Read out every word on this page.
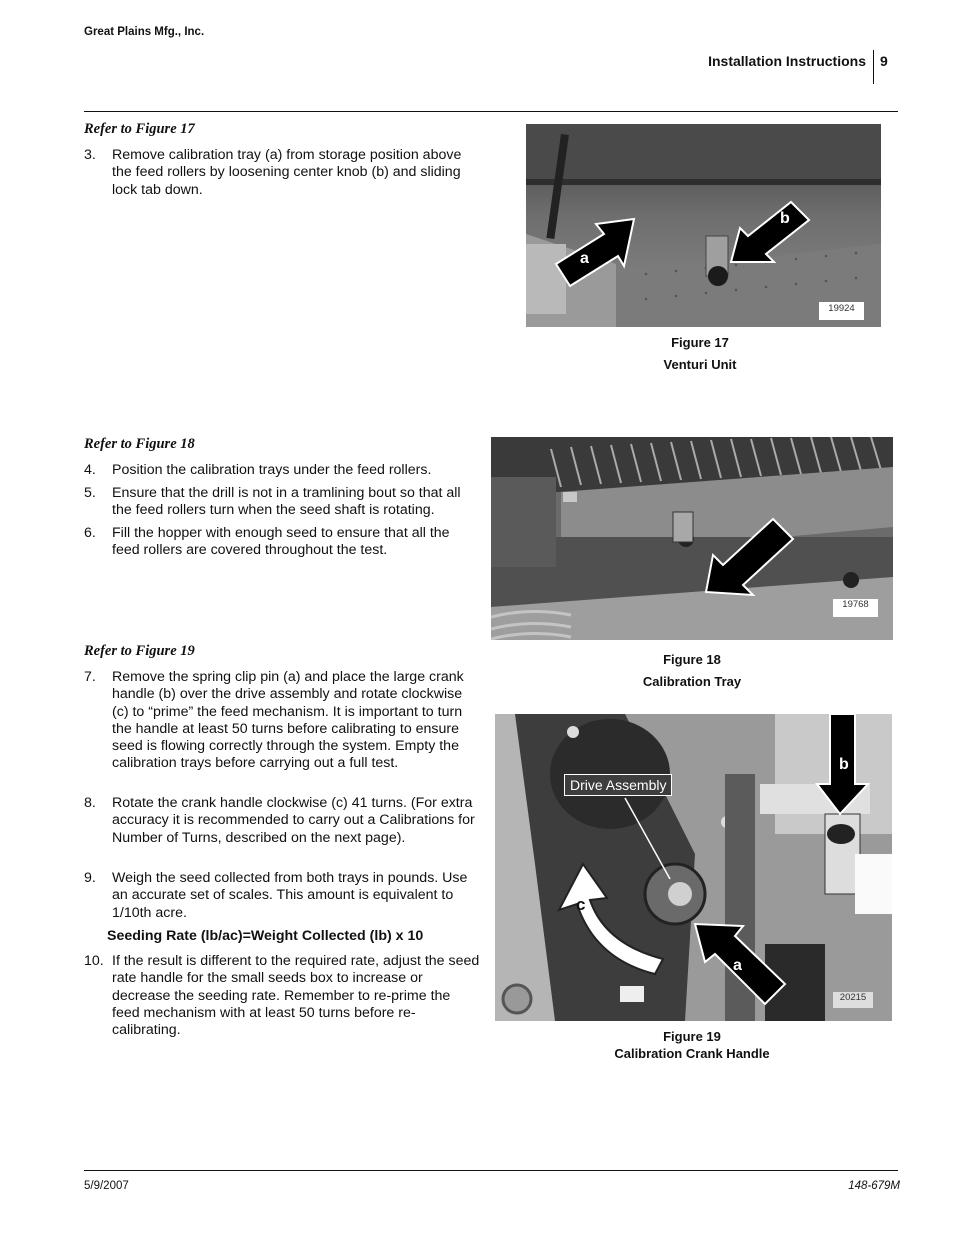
Great Plains Mfg., Inc.
Installation Instructions 9
Refer to Figure 17
3. Remove calibration tray (a) from storage position above the feed rollers by loosening center knob (b) and sliding lock tab down.
a
b
19924
Figure 17
Venturi Unit
Refer to Figure 18
4. Position the calibration trays under the feed rollers.
5. Ensure that the drill is not in a tramlining bout so that all the feed rollers turn when the seed shaft is rotating.
6. Fill the hopper with enough seed to ensure that all the feed rollers are covered throughout the test.
19768
Figure 18
Calibration Tray
Refer to Figure 19
7. Remove the spring clip pin (a) and place the large crank handle (b) over the drive assembly and rotate clockwise (c) to “prime” the feed mechanism. It is important to turn the handle at least 50 turns before calibrating to ensure seed is flowing correctly through the system. Empty the calibration trays before carrying out a full test.
8. Rotate the crank handle clockwise (c) 41 turns. (For extra accuracy it is recommended to carry out a Calibrations for Number of Turns, described on the next page).
9. Weigh the seed collected from both trays in pounds. Use an accurate set of scales. This amount is equivalent to 1/10th acre.
Seeding Rate (lb/ac)=Weight Collected (lb) x 10
10. If the result is different to the required rate, adjust the seed rate handle for the small seeds box to increase or decrease the seeding rate. Remember to re-prime the feed mechanism with at least 50 turns before re-calibrating.
Drive Assembly
b
c
a
20215
Figure 19
Calibration Crank Handle
5/9/2007	148-679M
